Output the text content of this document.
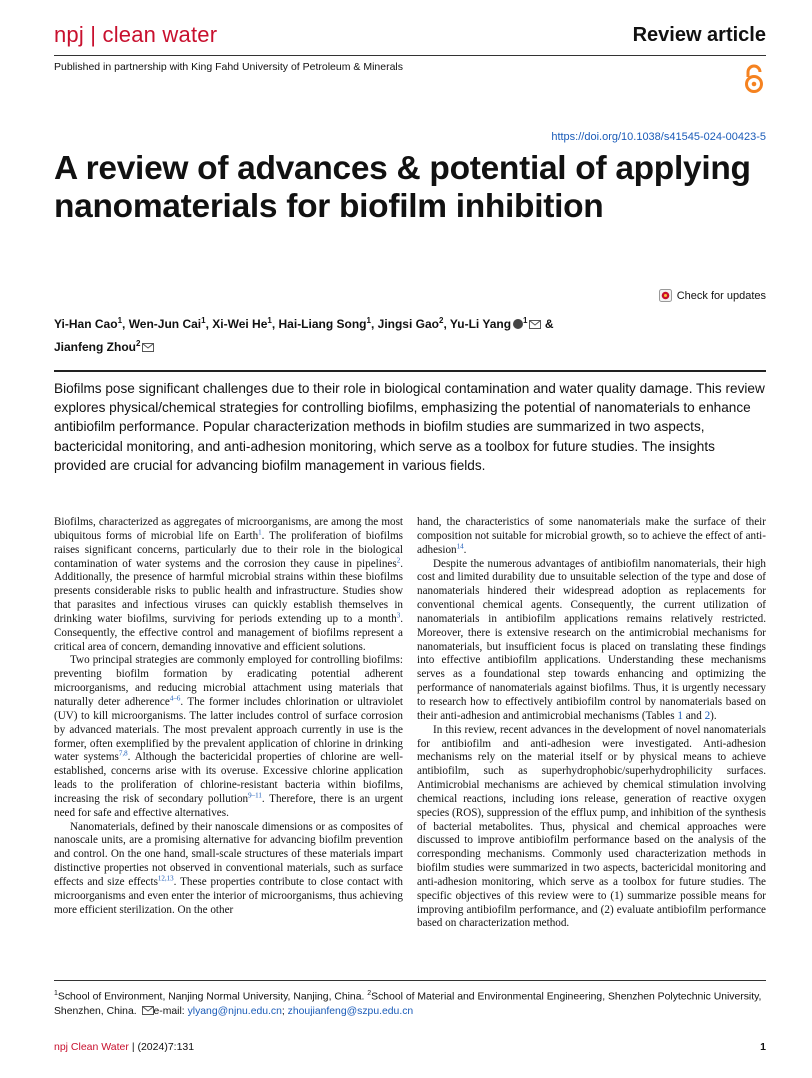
npj | clean water	Review article
Published in partnership with King Fahd University of Petroleum & Minerals
https://doi.org/10.1038/s41545-024-00423-5
A review of advances & potential of applying nanomaterials for biofilm inhibition
Check for updates
Yi-Han Cao$^1$, Wen-Jun Cai$^1$, Xi-Wei He$^1$, Hai-Liang Song$^1$, Jingsi Gao$^2$, Yu-Li Yang $^1$ &
Jianfeng Zhou$^2$

Biofilms pose significant challenges due to their role in biological contamination and water quality damage. This review explores physical/chemical strategies for controlling biofilms, emphasizing the potential of nanomaterials to enhance antibiofilm performance. Popular characterization methods in biofilm studies are summarized in two aspects, bactericidal monitoring, and anti-adhesion monitoring, which serve as a toolbox for future studies. The insights provided are crucial for advancing biofilm management in various fields.

Biofilms, characterized as aggregates of microorganisms, are among the most ubiquitous forms of microbial life on Earth$^1$. The proliferation of biofilms raises significant concerns, particularly due to their role in the biological contamination of water systems and the corrosion they cause in pipelines$^2$. Additionally, the presence of harmful microbial strains within these biofilms presents considerable risks to public health and infrastructure. Studies show that parasites and infectious viruses can quickly establish themselves in drinking water biofilms, surviving for periods extending up to a month$^3$. Consequently, the effective control and management of biofilms represent a critical area of concern, demanding innovative and efficient solutions.

Two principal strategies are commonly employed for controlling biofilms: preventing biofilm formation by eradicating potential adherent microorganisms, and reducing microbial attachment using materials that naturally deter adherence$^{4-6}$. The former includes chlorination or ultraviolet (UV) to kill microorganisms. The latter includes control of surface corrosion by advanced materials. The most prevalent approach currently in use is the former, often exemplified by the prevalent application of chlorine in drinking water systems$^{7,8}$. Although the bactericidal properties of chlorine are well-established, concerns arise with its overuse. Excessive chlorine application leads to the proliferation of chlorine-resistant bacteria within biofilms, increasing the risk of secondary pollution$^{9-11}$. Therefore, there is an urgent need for safe and effective alternatives.

Nanomaterials, defined by their nanoscale dimensions or as composites of nanoscale units, are a promising alternative for advancing biofilm prevention and control. On the one hand, small-scale structures of these materials impart distinctive properties not observed in conventional materials, such as surface effects and size effects$^{12,13}$. These properties contribute to close contact with microorganisms and even enter the interior of microorganisms, thus achieving more efficient sterilization. On the other

hand, the characteristics of some nanomaterials make the surface of their composition not suitable for microbial growth, so to achieve the effect of anti-adhesion$^{14}$.

Despite the numerous advantages of antibiofilm nanomaterials, their high cost and limited durability due to unsuitable selection of the type and dose of nanomaterials hindered their widespread adoption as replacements for conventional chemical agents. Consequently, the current utilization of nanomaterials in antibiofilm applications remains relatively restricted. Moreover, there is extensive research on the antimicrobial mechanisms for nanomaterials, but insufficient focus is placed on translating these findings into effective antibiofilm applications. Understanding these mechanisms serves as a foundational step towards enhancing and optimizing the performance of nanomaterials against biofilms. Thus, it is urgently necessary to research how to effectively antibiofilm control by nanomaterials based on their anti-adhesion and antimicrobial mechanisms (Tables 1 and 2).

In this review, recent advances in the development of novel nanomaterials for antibiofilm and anti-adhesion were investigated. Anti-adhesion mechanisms rely on the material itself or by physical means to achieve antibiofilm, such as superhydrophobic/superhydrophilicity surfaces. Antimicrobial mechanisms are achieved by chemical stimulation involving chemical reactions, including ions release, generation of reactive oxygen species (ROS), suppression of the efflux pump, and inhibition of the synthesis of bacterial metabolites. Thus, physical and chemical approaches were discussed to improve antibiofilm performance based on the analysis of the corresponding mechanisms. Commonly used characterization methods in biofilm studies were summarized in two aspects, bactericidal monitoring and anti-adhesion monitoring, which serve as a toolbox for future studies. The specific objectives of this review were to (1) summarize possible means for improving antibiofilm performance, and (2) evaluate antibiofilm performance based on characterization method.

$^1$School of Environment, Nanjing Normal University, Nanjing, China. $^2$School of Material and Environmental Engineering, Shenzhen Polytechnic University, Shenzhen, China. e-mail: ylyang@njnu.edu.cn; zhoujianfeng@szpu.edu.cn

npj Clean Water | (2024)7:131	1
